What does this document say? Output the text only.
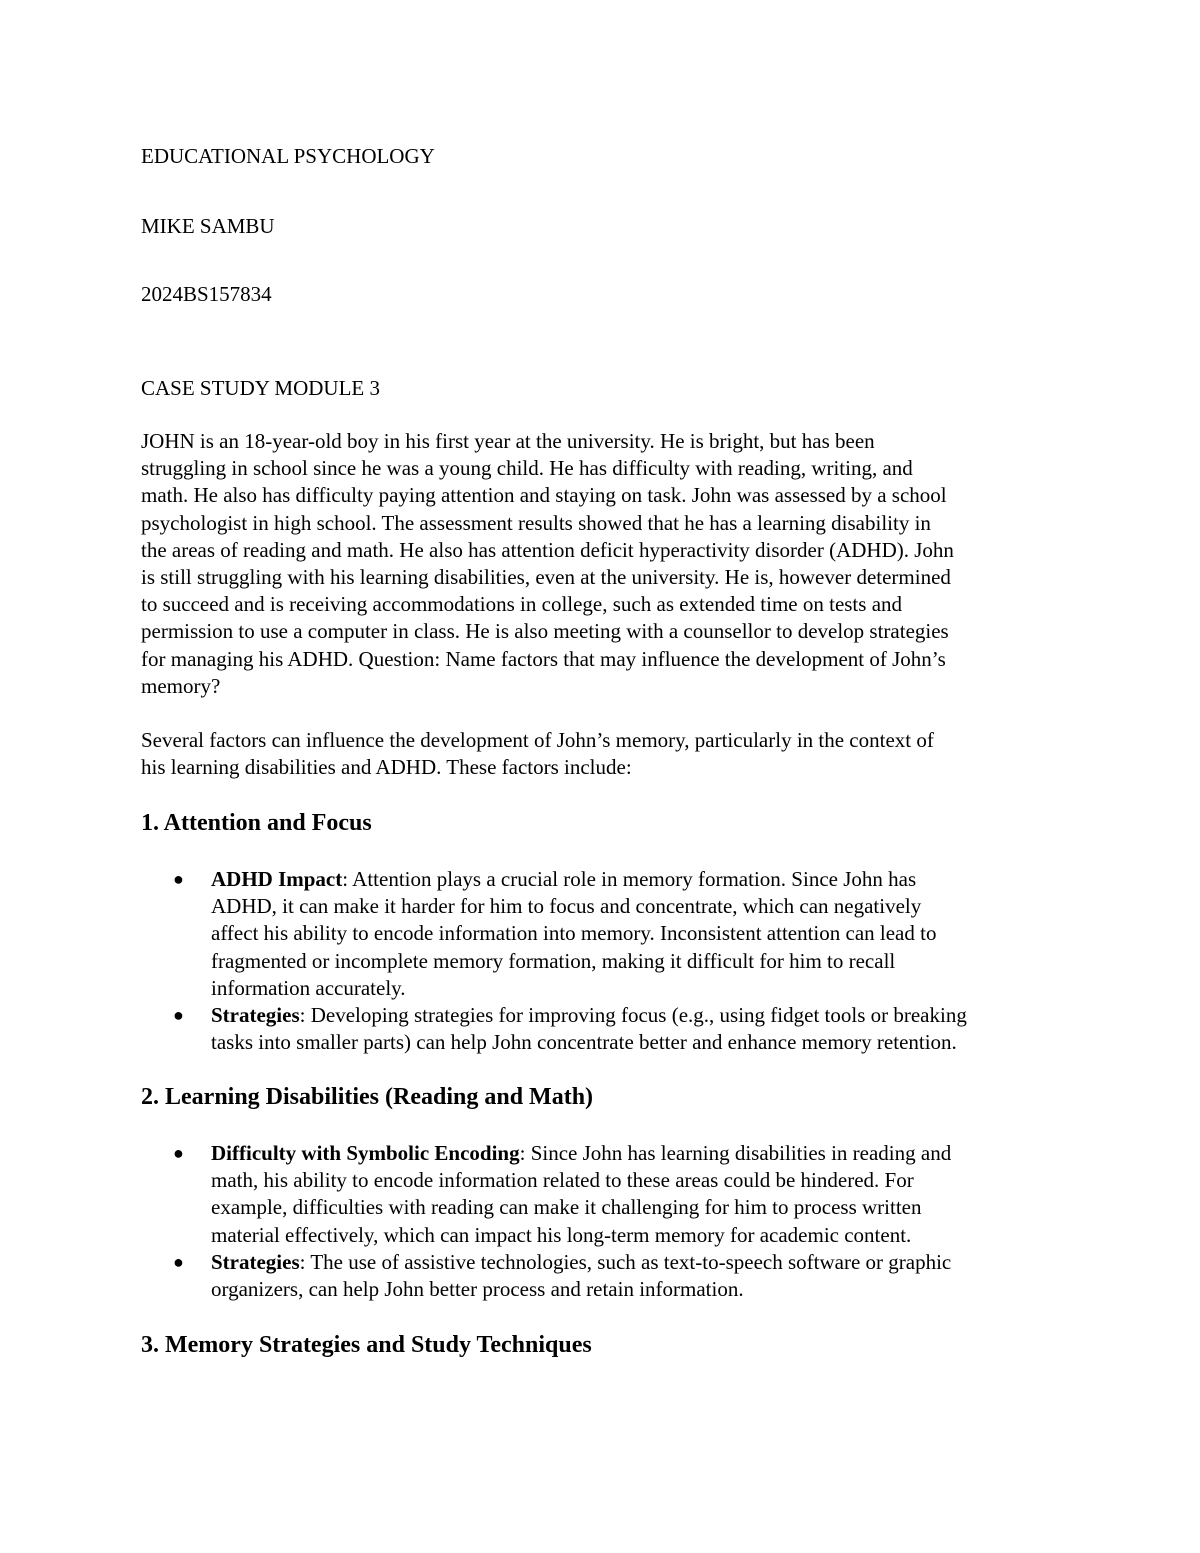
EDUCATIONAL PSYCHOLOGY
MIKE SAMBU
2024BS157834
CASE STUDY MODULE 3
JOHN is an 18-year-old boy in his first year at the university. He is bright, but has been
struggling in school since he was a young child. He has difficulty with reading, writing, and
math. He also has difficulty paying attention and staying on task. John was assessed by a school
psychologist in high school. The assessment results showed that he has a learning disability in
the areas of reading and math. He also has attention deficit hyperactivity disorder (ADHD). John
is still struggling with his learning disabilities, even at the university. He is, however determined
to succeed and is receiving accommodations in college, such as extended time on tests and
permission to use a computer in class. He is also meeting with a counsellor to develop strategies
for managing his ADHD. Question: Name factors that may influence the development of John’s
memory?
Several factors can influence the development of John’s memory, particularly in the context of
his learning disabilities and ADHD. These factors include:
1. Attention and Focus
● ADHD Impact: Attention plays a crucial role in memory formation. Since John has
ADHD, it can make it harder for him to focus and concentrate, which can negatively
affect his ability to encode information into memory. Inconsistent attention can lead to
fragmented or incomplete memory formation, making it difficult for him to recall
information accurately.
● Strategies: Developing strategies for improving focus (e.g., using fidget tools or breaking
tasks into smaller parts) can help John concentrate better and enhance memory retention.
2. Learning Disabilities (Reading and Math)
● Difficulty with Symbolic Encoding: Since John has learning disabilities in reading and
math, his ability to encode information related to these areas could be hindered. For
example, difficulties with reading can make it challenging for him to process written
material effectively, which can impact his long-term memory for academic content.
● Strategies: The use of assistive technologies, such as text-to-speech software or graphic
organizers, can help John better process and retain information.
3. Memory Strategies and Study Techniques
